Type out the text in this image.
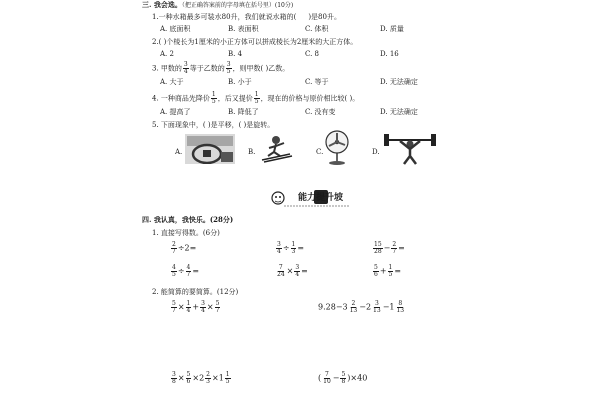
三. 我会选。（把正确答案前的字母填在括号里）(10分)
1.一种水箱最多可装水80升，我们就说水箱的( )是80升。
A. 底面积	B. 表面积	C. 体积	D. 质量
2.( )个棱长为1厘米的小正方体可以拼成棱长为2厘米的大正方体。
A. 2	B. 4	C. 8	D. 16
3. 甲数的 $\frac{3}{4}$ 等于乙数的 $\frac{3}{5}$ ，则甲数( )乙数。
A. 大于	B. 小于	C. 等于	D. 无法确定
4. 一种商品先降价 $\frac{1}{5}$ ，后又提价 $\frac{1}{5}$ ，现在的价格与原价相比较( )。
A. 提高了	B. 降低了	C. 没有变	D. 无法确定
5. 下面现象中，( )是平移，( )是旋转。
A.	B.	C.	D.
能力提升坡
四. 我认真，我快乐。(28分)
1. 直接写得数。(6分)
$\frac{2}{7} \div 2=$	$\frac{3}{4} \div \frac{1}{3}$ =	$\frac{15}{28} - \frac{2}{7}$ =
$\frac{4}{5} \div \frac{4}{7}$ =	$\frac{7}{24} \times \frac{3}{4}$ =	$\frac{5}{6} + \frac{1}{5}$ =
2. 能简算的要简算。(12分)
$\frac{5}{7} \times \frac{1}{4} + \frac{3}{4} \times \frac{5}{7}$	$9.28-3 \frac{2}{13} -2 \frac{3}{13} -1 \frac{8}{13}$
$\frac{3}{8} \times \frac{5}{6} \times 2 \frac{2}{3} \times 1 \frac{1}{5}$	( $\frac{7}{10} - \frac{5}{8} )\times 40$
